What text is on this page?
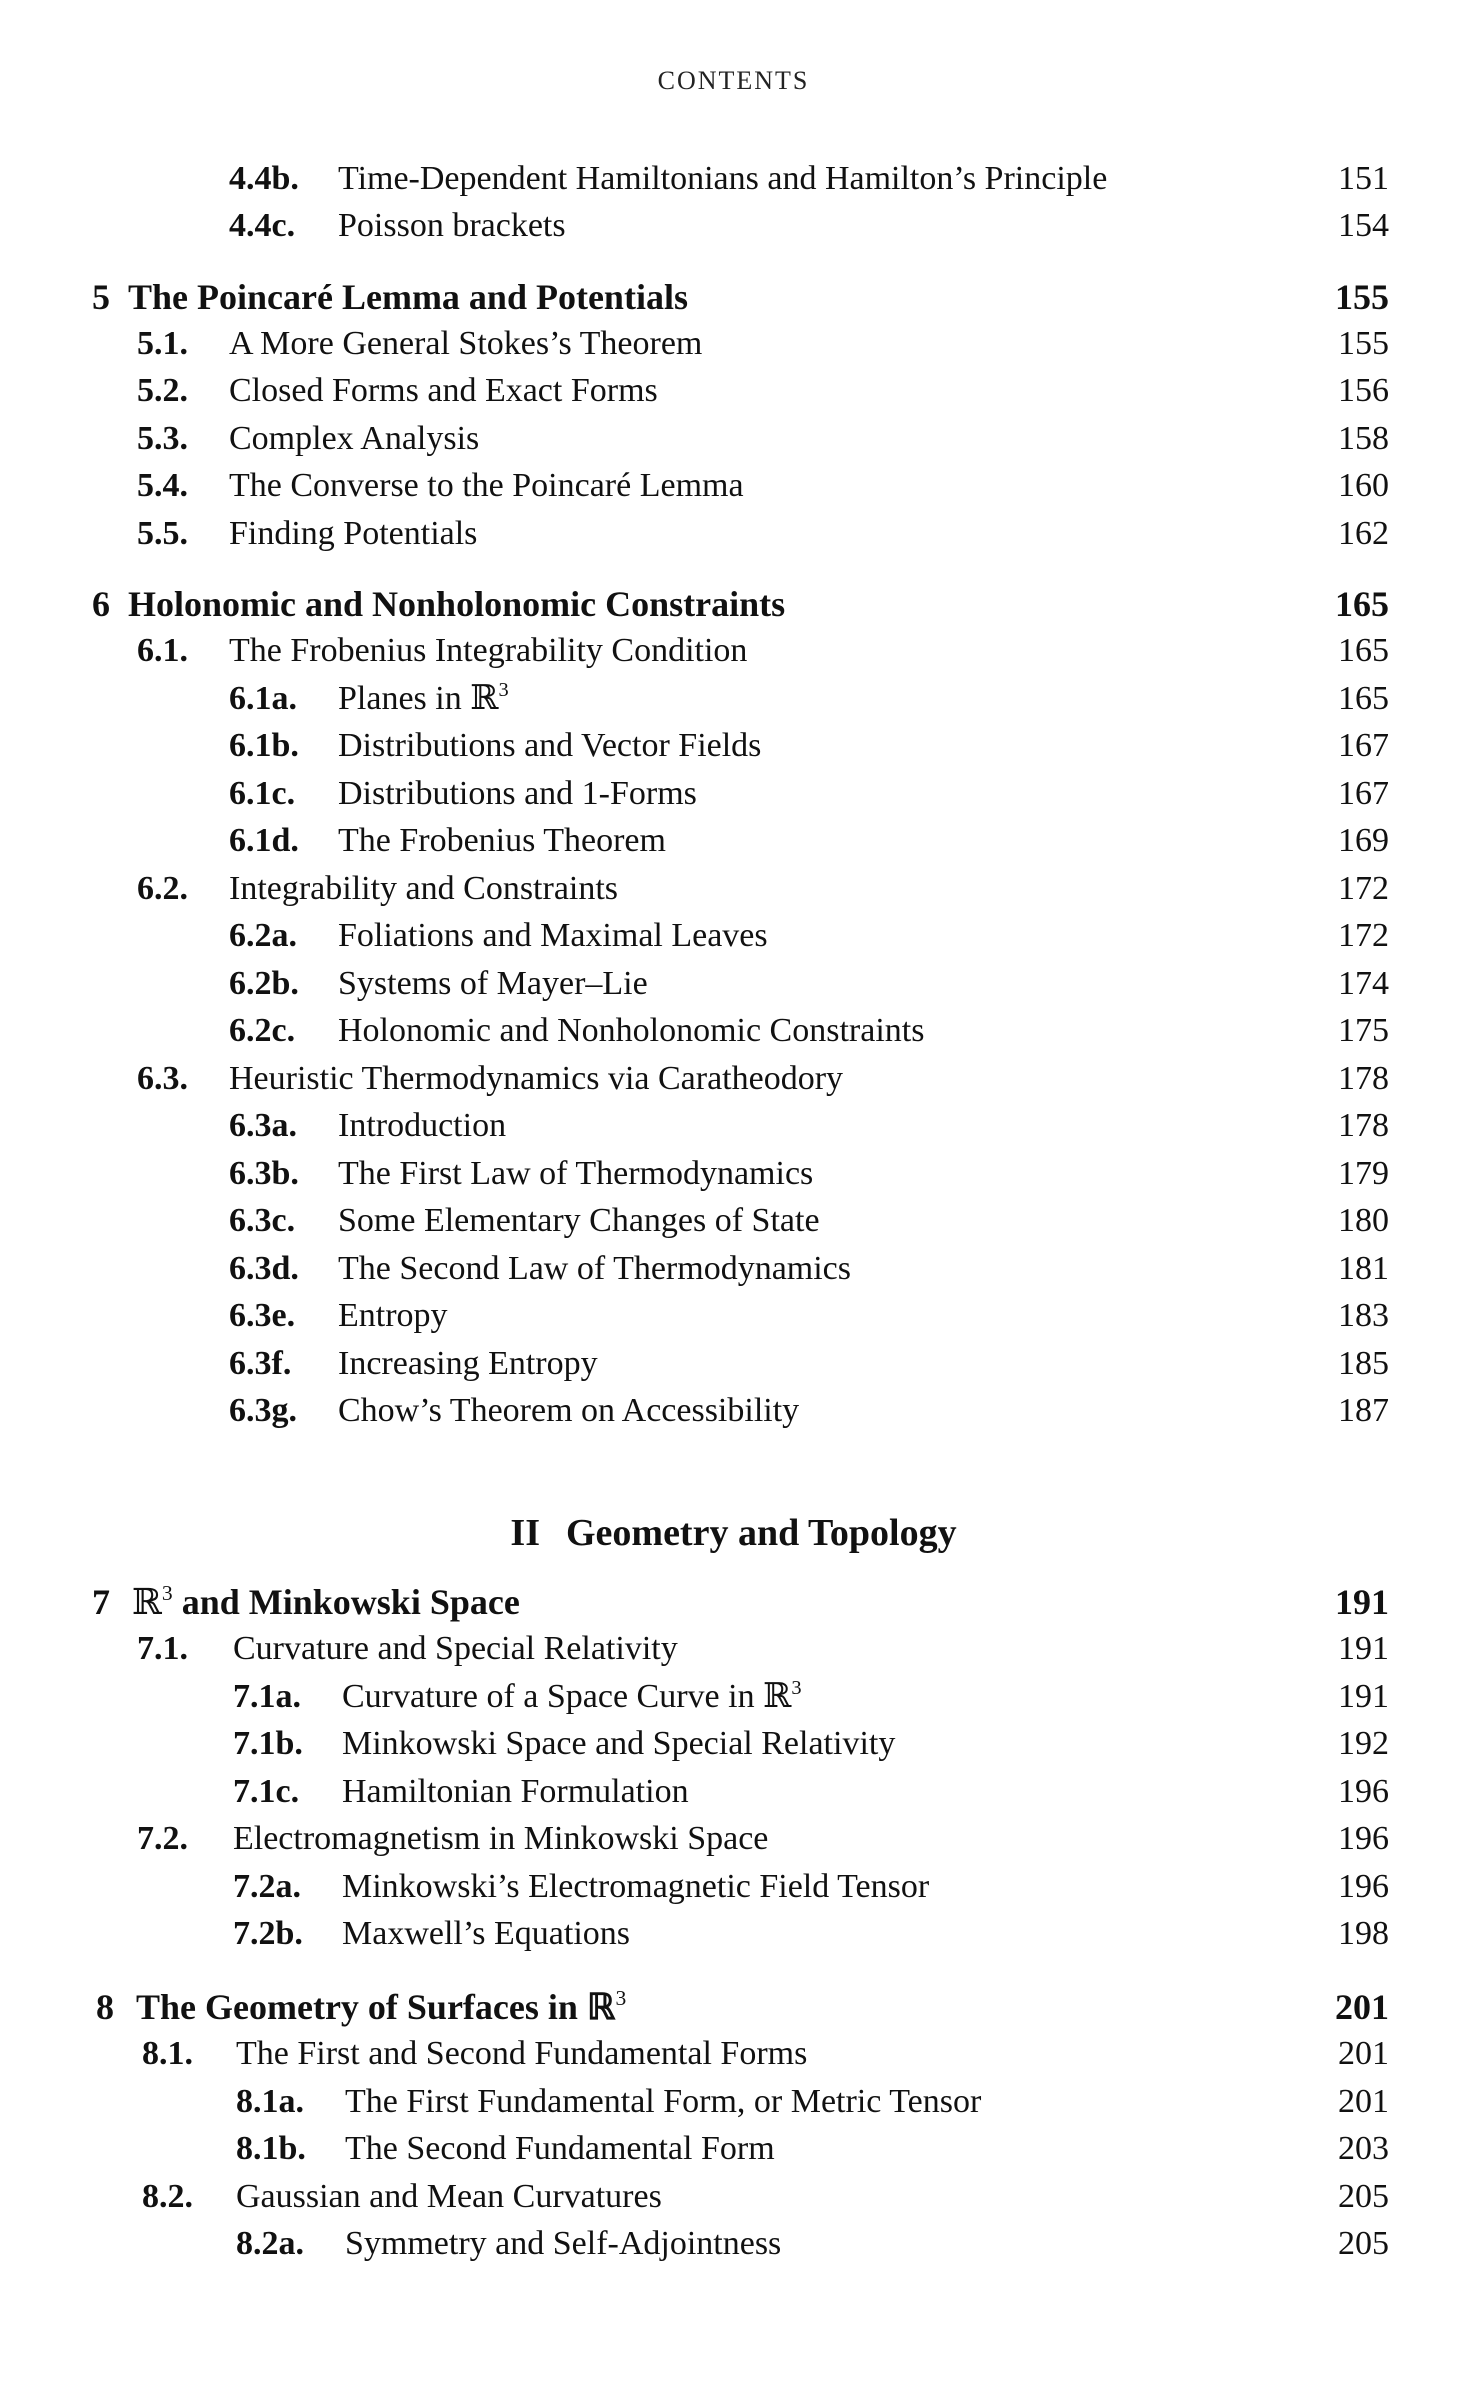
CONTENTS
4.4b. Time-Dependent Hamiltonians and Hamilton’s Principle	151
4.4c. Poisson brackets	154
5 The Poincaré Lemma and Potentials	155
5.1. A More General Stokes’s Theorem	155
5.2. Closed Forms and Exact Forms	156
5.3. Complex Analysis	158
5.4. The Converse to the Poincaré Lemma	160
5.5. Finding Potentials	162
6 Holonomic and Nonholonomic Constraints	165
6.1. The Frobenius Integrability Condition	165
6.1a. Planes in ℝ$^3$	165
6.1b. Distributions and Vector Fields	167
6.1c. Distributions and 1-Forms	167
6.1d. The Frobenius Theorem	169
6.2. Integrability and Constraints	172
6.2a. Foliations and Maximal Leaves	172
6.2b. Systems of Mayer–Lie	174
6.2c. Holonomic and Nonholonomic Constraints	175
6.3. Heuristic Thermodynamics via Caratheodory	178
6.3a. Introduction	178
6.3b. The First Law of Thermodynamics	179
6.3c. Some Elementary Changes of State	180
6.3d. The Second Law of Thermodynamics	181
6.3e. Entropy	183
6.3f. Increasing Entropy	185
6.3g. Chow’s Theorem on Accessibility	187
II Geometry and Topology
7 ℝ$^3$ and Minkowski Space	191
7.1. Curvature and Special Relativity	191
7.1a. Curvature of a Space Curve in ℝ$^3$	191
7.1b. Minkowski Space and Special Relativity	192
7.1c. Hamiltonian Formulation	196
7.2. Electromagnetism in Minkowski Space	196
7.2a. Minkowski’s Electromagnetic Field Tensor	196
7.2b. Maxwell’s Equations	198
8 The Geometry of Surfaces in ℝ$^3$	201
8.1. The First and Second Fundamental Forms	201
8.1a. The First Fundamental Form, or Metric Tensor	201
8.1b. The Second Fundamental Form	203
8.2. Gaussian and Mean Curvatures	205
8.2a. Symmetry and Self-Adjointness	205
